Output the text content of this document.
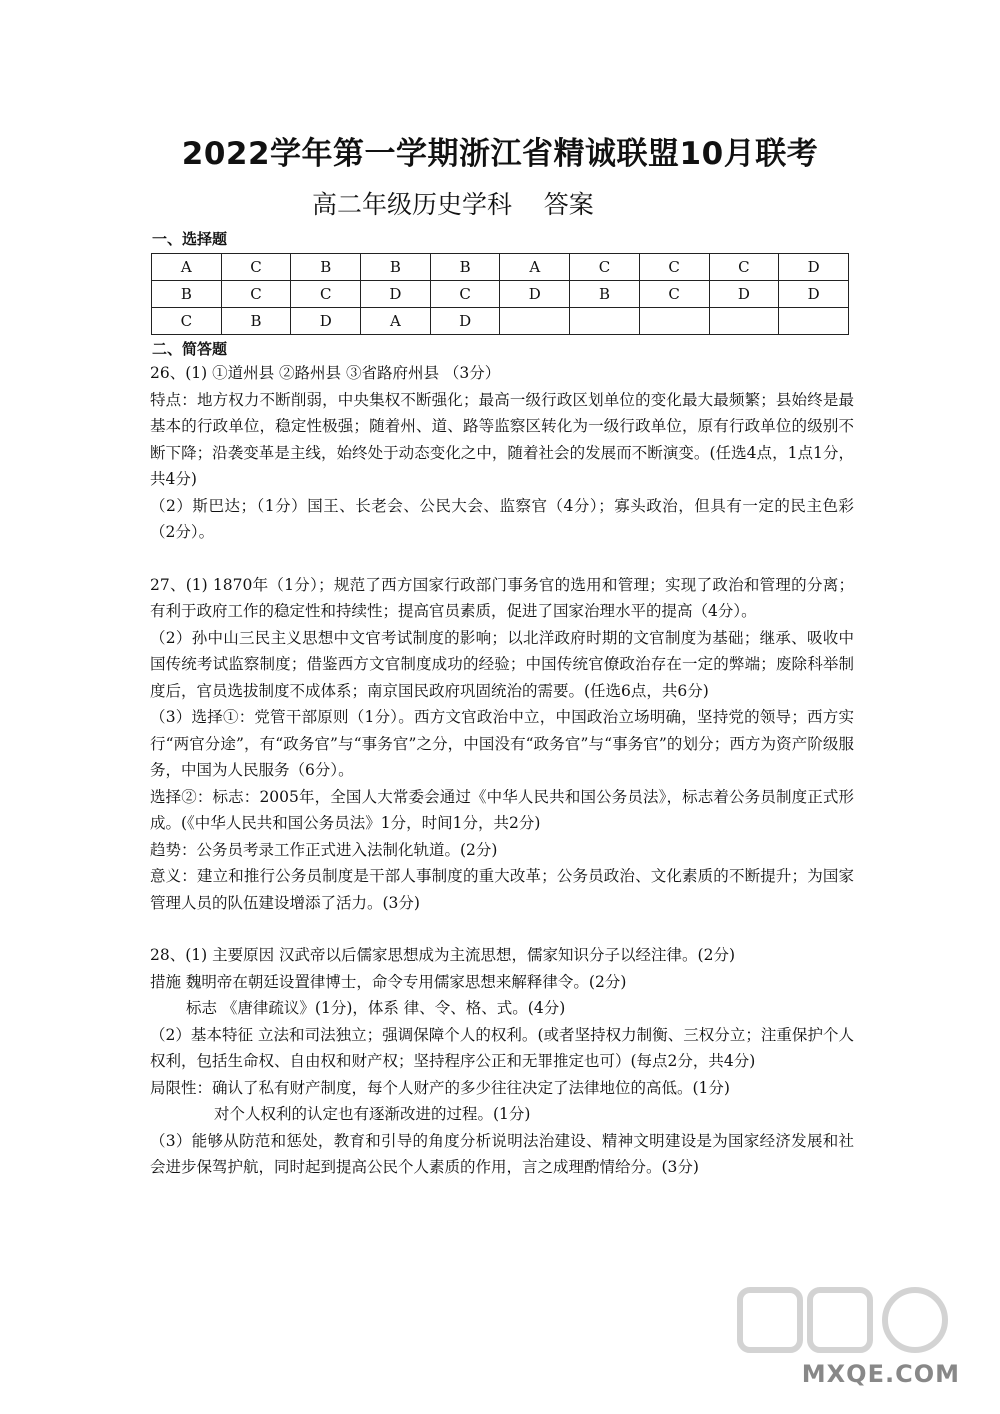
2022学年第一学期浙江省精诚联盟10月联考
高二年级历史学科    答案
一、选择题
A	C	B	B	B	A	C	C	C	D
B	C	C	D	C	D	B	C	D	D
C	B	D	A	D					
二、简答题

26、(1) ①道州县 ②路州县 ③省路府州县 （3分）

特点：地方权力不断削弱，中央集权不断强化；最高一级行政区划单位的变化最大最频繁；县始终是最基本的行政单位，稳定性极强；随着州、道、路等监察区转化为一级行政单位，原有行政单位的级别不断下降；沿袭变革是主线，始终处于动态变化之中，随着社会的发展而不断演变。(任选4点，1点1分，共4分)

（2）斯巴达；（1分）国王、长老会、公民大会、监察官（4分）；寡头政治，但具有一定的民主色彩（2分）。

27、(1) 1870年（1分）；规范了西方国家行政部门事务官的选用和管理；实现了政治和管理的分离；有利于政府工作的稳定性和持续性；提高官员素质，促进了国家治理水平的提高（4分）。

（2）孙中山三民主义思想中文官考试制度的影响；以北洋政府时期的文官制度为基础；继承、吸收中国传统考试监察制度；借鉴西方文官制度成功的经验；中国传统官僚政治存在一定的弊端；废除科举制度后，官员选拔制度不成体系；南京国民政府巩固统治的需要。(任选6点，共6分)

（3）选择①：党管干部原则（1分）。西方文官政治中立，中国政治立场明确，坚持党的领导；西方实行“两官分途”，有“政务官”与“事务官”之分，中国没有“政务官”与“事务官”的划分；西方为资产阶级服务，中国为人民服务（6分）。

选择②：标志：2005年，全国人大常委会通过《中华人民共和国公务员法》，标志着公务员制度正式形成。(《中华人民共和国公务员法》1分，时间1分，共2分)

趋势：公务员考录工作正式进入法制化轨道。(2分)

意义：建立和推行公务员制度是干部人事制度的重大改革；公务员政治、文化素质的不断提升；为国家管理人员的队伍建设增添了活力。(3分)

28、(1) 主要原因 汉武帝以后儒家思想成为主流思想，儒家知识分子以经注律。(2分)

措施 魏明帝在朝廷设置律博士，命令专用儒家思想来解释律令。(2分)

标志 《唐律疏议》(1分)，体系 律、令、格、式。(4分)

（2）基本特征 立法和司法独立；强调保障个人的权利。(或者坚持权力制衡、三权分立；注重保护个人权利，包括生命权、自由权和财产权；坚持程序公正和无罪推定也可）(每点2分，共4分)

局限性：确认了私有财产制度，每个人财产的多少往往决定了法律地位的高低。(1分)

对个人权利的认定也有逐渐改进的过程。(1分)

（3）能够从防范和惩处，教育和引导的角度分析说明法治建设、精神文明建设是为国家经济发展和社会进步保驾护航，同时起到提高公民个人素质的作用，言之成理酌情给分。(3分)

MXQE.COM
